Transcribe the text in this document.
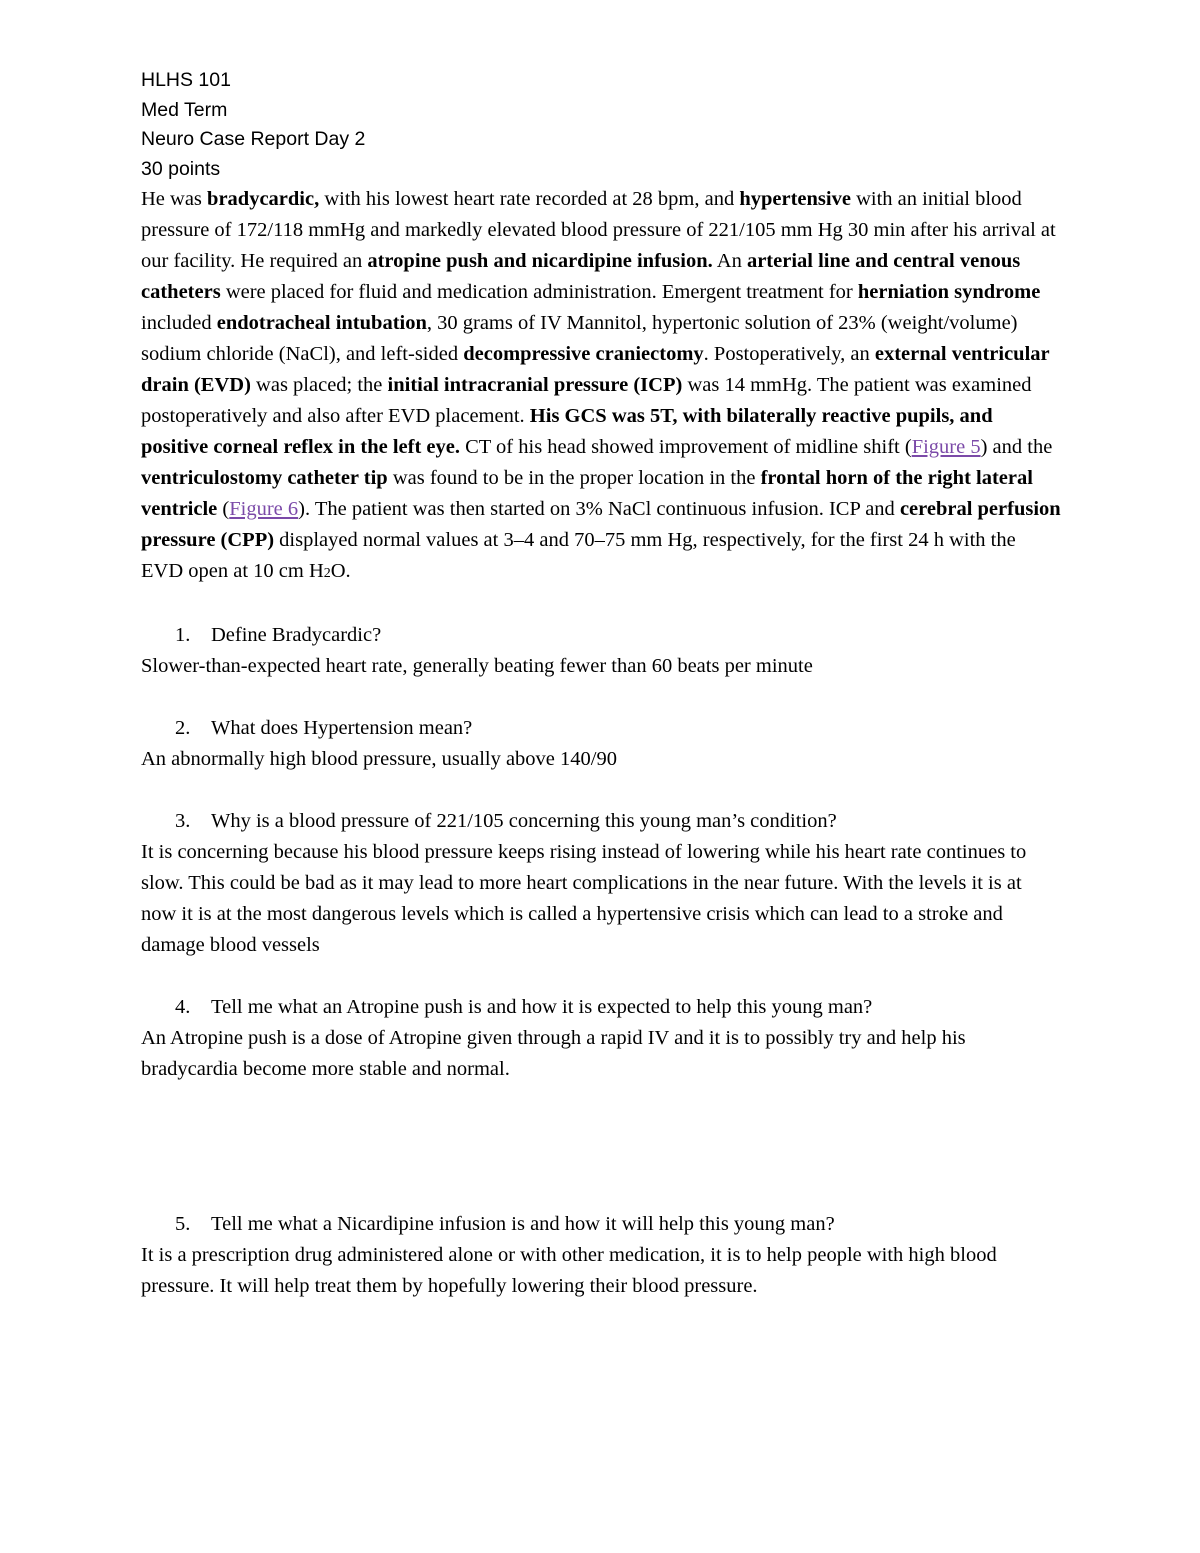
HLHS 101

Med Term

Neuro Case Report Day 2

30 points

He was bradycardic, with his lowest heart rate recorded at 28 bpm, and hypertensive with an initial blood pressure of 172/118 mmHg and markedly elevated blood pressure of 221/105 mm Hg 30 min after his arrival at our facility. He required an atropine push and nicardipine infusion. An arterial line and central venous catheters were placed for fluid and medication administration. Emergent treatment for herniation syndrome included endotracheal intubation, 30 grams of IV Mannitol, hypertonic solution of 23% (weight/volume) sodium chloride (NaCl), and left-sided decompressive craniectomy. Postoperatively, an external ventricular drain (EVD) was placed; the initial intracranial pressure (ICP) was 14 mmHg. The patient was examined postoperatively and also after EVD placement. His GCS was 5T, with bilaterally reactive pupils, and positive corneal reflex in the left eye. CT of his head showed improvement of midline shift (Figure 5) and the ventriculostomy catheter tip was found to be in the proper location in the frontal horn of the right lateral ventricle (Figure 6). The patient was then started on 3% NaCl continuous infusion. ICP and cerebral perfusion pressure (CPP) displayed normal values at 3–4 and 70–75 mm Hg, respectively, for the first 24 h with the EVD open at 10 cm H2O.

1. Define Bradycardic?

Slower-than-expected heart rate, generally beating fewer than 60 beats per minute

2. What does Hypertension mean?

An abnormally high blood pressure, usually above 140/90

3. Why is a blood pressure of 221/105 concerning this young man’s condition?

It is concerning because his blood pressure keeps rising instead of lowering while his heart rate continues to slow. This could be bad as it may lead to more heart complications in the near future. With the levels it is at now it is at the most dangerous levels which is called a hypertensive crisis which can lead to a stroke and damage blood vessels

4. Tell me what an Atropine push is and how it is expected to help this young man?

An Atropine push is a dose of Atropine given through a rapid IV and it is to possibly try and help his bradycardia become more stable and normal.

5. Tell me what a Nicardipine infusion is and how it will help this young man?

It is a prescription drug administered alone or with other medication, it is to help people with high blood pressure. It will help treat them by hopefully lowering their blood pressure.
